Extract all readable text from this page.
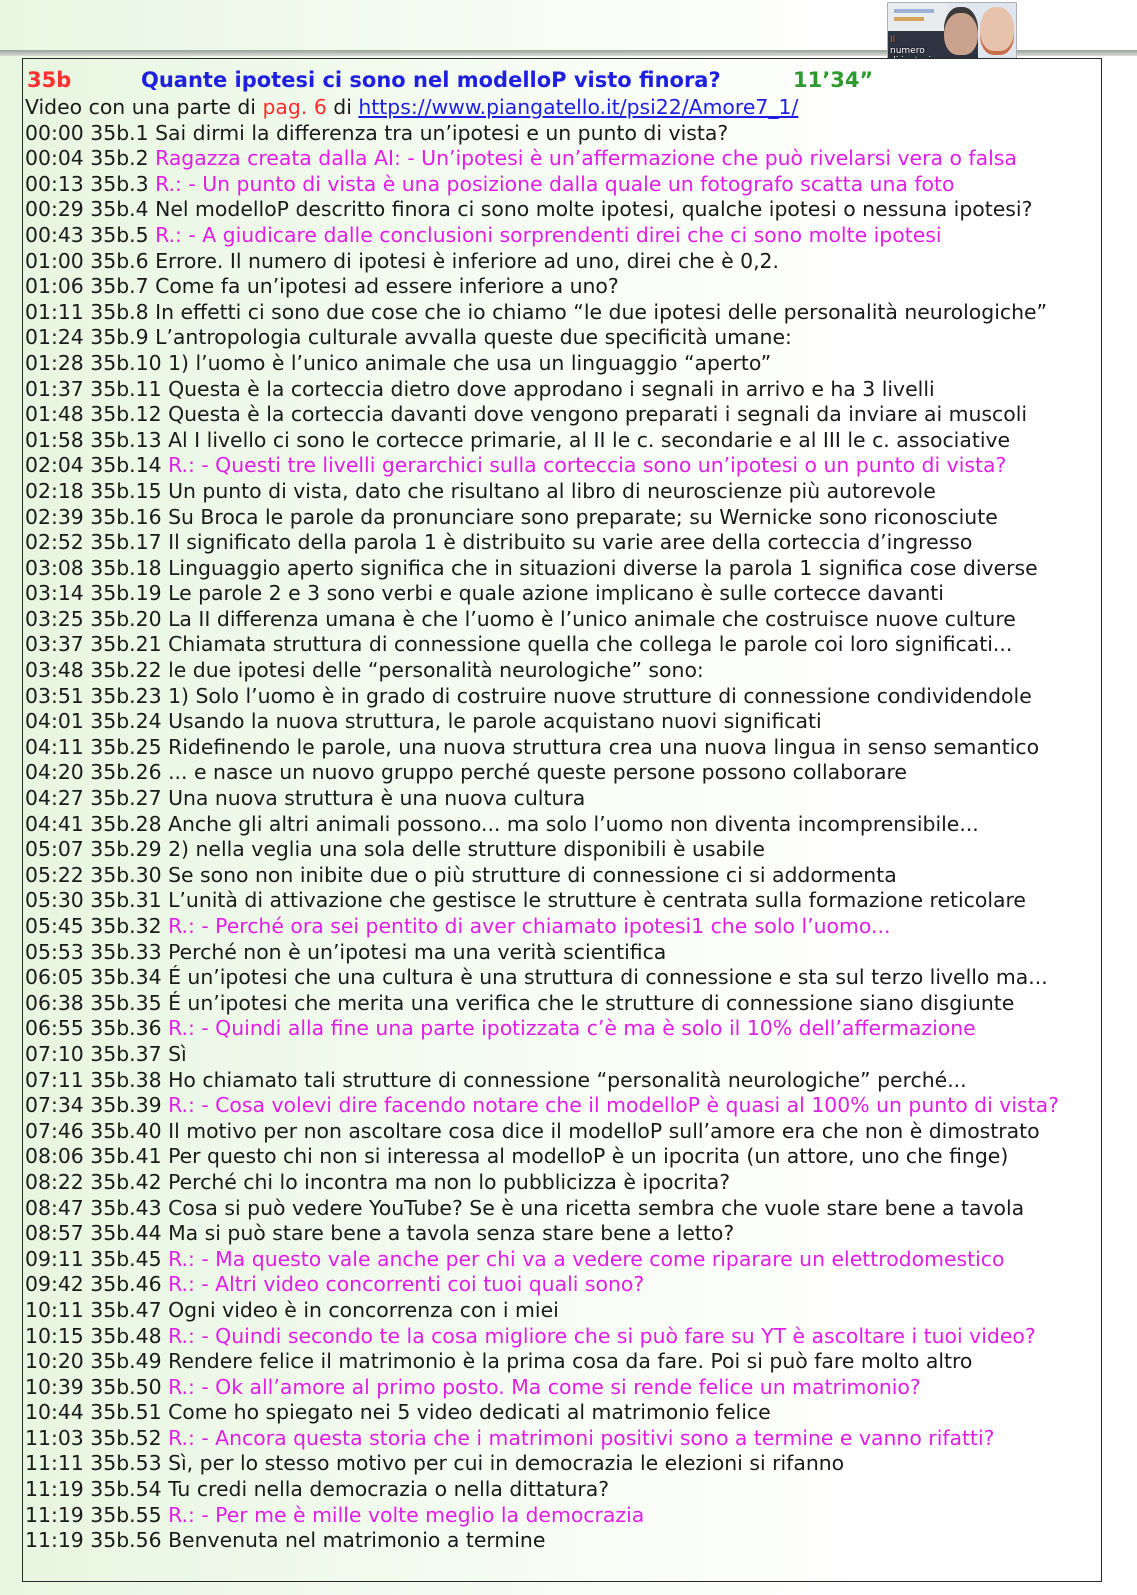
Il
numero
35b	Quante ipotesi ci sono nel modelloP visto finora?	11’34”
Video con una parte di pag. 6 di https://www.piangatello.it/psi22/Amore7_1/
00:00 35b.1 Sai dirmi la differenza tra un’ipotesi e un punto di vista?
00:04 35b.2 Ragazza creata dalla AI: - Un’ipotesi è un’affermazione che può rivelarsi vera o falsa
00:13 35b.3 R.: - Un punto di vista è una posizione dalla quale un fotografo scatta una foto
00:29 35b.4 Nel modelloP descritto finora ci sono molte ipotesi, qualche ipotesi o nessuna ipotesi?
00:43 35b.5 R.: - A giudicare dalle conclusioni sorprendenti direi che ci sono molte ipotesi
01:00 35b.6 Errore. Il numero di ipotesi è inferiore ad uno, direi che è 0,2.
01:06 35b.7 Come fa un’ipotesi ad essere inferiore a uno?
01:11 35b.8 In effetti ci sono due cose che io chiamo “le due ipotesi delle personalità neurologiche”
01:24 35b.9 L’antropologia culturale avvalla queste due specificità umane:
01:28 35b.10 1) l’uomo è l’unico animale che usa un linguaggio “aperto”
01:37 35b.11 Questa è la corteccia dietro dove approdano i segnali in arrivo e ha 3 livelli
01:48 35b.12 Questa è la corteccia davanti dove vengono preparati i segnali da inviare ai muscoli
01:58 35b.13 Al I livello ci sono le cortecce primarie, al II le c. secondarie e al III le c. associative
02:04 35b.14 R.: - Questi tre livelli gerarchici sulla corteccia sono un’ipotesi o un punto di vista?
02:18 35b.15 Un punto di vista, dato che risultano al libro di neuroscienze più autorevole
02:39 35b.16 Su Broca le parole da pronunciare sono preparate; su Wernicke sono riconosciute
02:52 35b.17 Il significato della parola 1 è distribuito su varie aree della corteccia d’ingresso
03:08 35b.18 Linguaggio aperto significa che in situazioni diverse la parola 1 significa cose diverse
03:14 35b.19 Le parole 2 e 3 sono verbi e quale azione implicano è sulle cortecce davanti
03:25 35b.20 La II differenza umana è che l’uomo è l’unico animale che costruisce nuove culture
03:37 35b.21 Chiamata struttura di connessione quella che collega le parole coi loro significati...
03:48 35b.22 le due ipotesi delle “personalità neurologiche” sono:
03:51 35b.23 1) Solo l’uomo è in grado di costruire nuove strutture di connessione condividendole
04:01 35b.24 Usando la nuova struttura, le parole acquistano nuovi significati
04:11 35b.25 Ridefinendo le parole, una nuova struttura crea una nuova lingua in senso semantico
04:20 35b.26 ... e nasce un nuovo gruppo perché queste persone possono collaborare
04:27 35b.27 Una nuova struttura è una nuova cultura
04:41 35b.28 Anche gli altri animali possono... ma solo l’uomo non diventa incomprensibile...
05:07 35b.29 2) nella veglia una sola delle strutture disponibili è usabile
05:22 35b.30 Se sono non inibite due o più strutture di connessione ci si addormenta
05:30 35b.31 L’unità di attivazione che gestisce le strutture è centrata sulla formazione reticolare
05:45 35b.32 R.: - Perché ora sei pentito di aver chiamato ipotesi1 che solo l’uomo...
05:53 35b.33 Perché non è un’ipotesi ma una verità scientifica
06:05 35b.34 É un’ipotesi che una cultura è una struttura di connessione e sta sul terzo livello ma...
06:38 35b.35 É un’ipotesi che merita una verifica che le strutture di connessione siano disgiunte
06:55 35b.36 R.: - Quindi alla fine una parte ipotizzata c’è ma è solo il 10% dell’affermazione
07:10 35b.37 Sì
07:11 35b.38 Ho chiamato tali strutture di connessione “personalità neurologiche” perché...
07:34 35b.39 R.: - Cosa volevi dire facendo notare che il modelloP è quasi al 100% un punto di vista?
07:46 35b.40 Il motivo per non ascoltare cosa dice il modelloP sull’amore era che non è dimostrato
08:06 35b.41 Per questo chi non si interessa al modelloP è un ipocrita (un attore, uno che finge)
08:22 35b.42 Perché chi lo incontra ma non lo pubblicizza è ipocrita?
08:47 35b.43 Cosa si può vedere YouTube? Se è una ricetta sembra che vuole stare bene a tavola
08:57 35b.44 Ma si può stare bene a tavola senza stare bene a letto?
09:11 35b.45 R.: - Ma questo vale anche per chi va a vedere come riparare un elettrodomestico
09:42 35b.46 R.: - Altri video concorrenti coi tuoi quali sono?
10:11 35b.47 Ogni video è in concorrenza con i miei
10:15 35b.48 R.: - Quindi secondo te la cosa migliore che si può fare su YT è ascoltare i tuoi video?
10:20 35b.49 Rendere felice il matrimonio è la prima cosa da fare. Poi si può fare molto altro
10:39 35b.50 R.: - Ok all’amore al primo posto. Ma come si rende felice un matrimonio?
10:44 35b.51 Come ho spiegato nei 5 video dedicati al matrimonio felice
11:03 35b.52 R.: - Ancora questa storia che i matrimoni positivi sono a termine e vanno rifatti?
11:11 35b.53 Sì, per lo stesso motivo per cui in democrazia le elezioni si rifanno
11:19 35b.54 Tu credi nella democrazia o nella dittatura?
11:19 35b.55 R.: - Per me è mille volte meglio la democrazia
11:19 35b.56 Benvenuta nel matrimonio a termine
